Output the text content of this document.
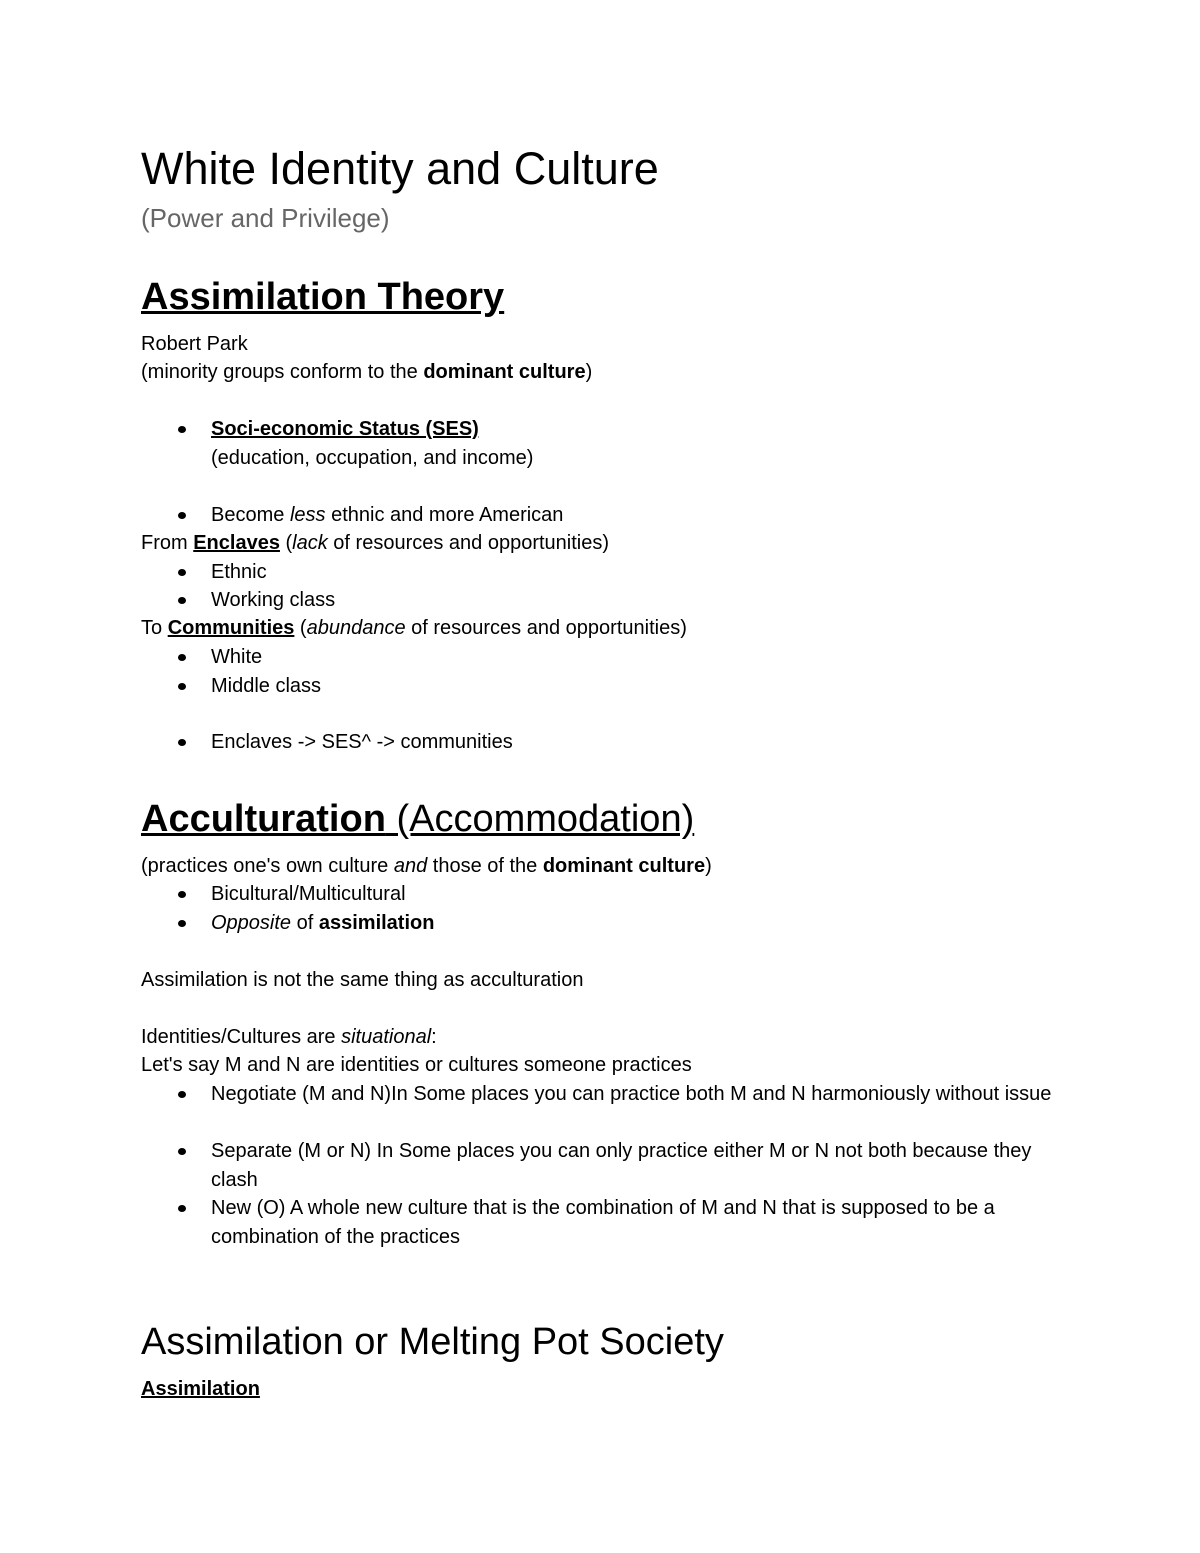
White Identity and Culture
(Power and Privilege)
Assimilation Theory
Robert Park
(minority groups conform to the dominant culture)
Soci-economic Status (SES)
(education, occupation, and income)
Become less ethnic and more American
From Enclaves (lack of resources and opportunities)
Ethnic
Working class
To Communities (abundance of resources and opportunities)
White
Middle class
Enclaves -> SES^ -> communities
Acculturation (Accommodation)
(practices one's own culture and those of the dominant culture)
Bicultural/Multicultural
Opposite of assimilation
Assimilation is not the same thing as acculturation
Identities/Cultures are situational:
Let's say M and N are identities or cultures someone practices
Negotiate (M and N)In Some places you can practice both M and N harmoniously without issue
Separate (M or N) In Some places you can only practice either M or N not both because they clash
New (O) A whole new culture that is the combination of M and N that is supposed to be a combination of the practices
Assimilation or Melting Pot Society
Assimilation
